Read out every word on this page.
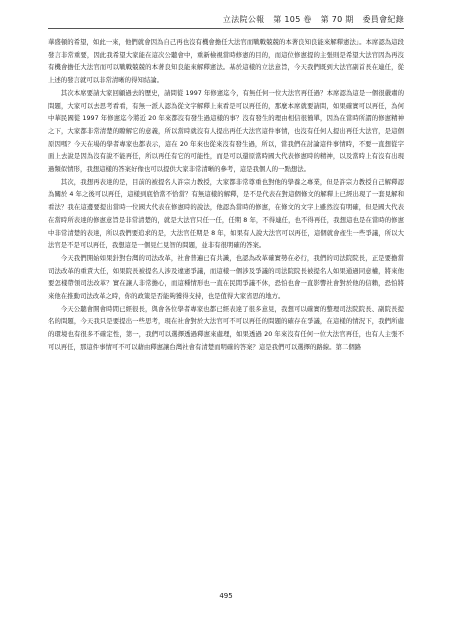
立法院公報 第 105 卷 第 70 期 委員會紀錄

華盛頓的希望，如此一來，他們就會因為自己再也沒有機會擔任大法官而戰戰兢兢的本著良知良能來解釋憲法」。本席認為這段發言非常重要，因此我希望大家能在這次公聽會中，重新檢視當時修憲的目的，而這位修憲提的主張則是希望大法官因為再沒有機會擔任大法官而可以戰戰兢兢的本著良知良能來解釋憲法。基於這樣的立法意旨，今天我們既到大法官副首長在連任，從上述的發言就可以非常清晰的得知結論。

其次本席要請大家回顧過去的歷史，請問從 1997 年修憲迄今，有無任何一位大法官再任過？本席認為這是一個很嚴肅的問題，大家可以去思考看看，有無一派人認為從文字解釋上來看是可以再任的，那麼本席就要請問，如果確實可以再任，為何中華民國從 1997 年修憲迄今將近 20 年來都沒有發生過這樣的事？沒有發生的理由相信很簡單，因為在當時所謂的修憲精神之下，大家都非常清楚的瞭解它的意義，所以當時就沒有人提出再任大法官這件事情，也沒有任何人提出再任大法官，是這個原因嗎？今天在場的學者專家也都表示，這在 20 年來也從來沒有發生過，所以，當我們在討論這件事情時，不要一直想從字面上去說是因為沒有說不能再任，所以再任有它的可能性，而是可以還原當時國大代表修憲時的精神，以及當時上有沒有出現過類似情形，我想這樣的答案好像也可以提供大家非常清晰的參考，這是我個人的一點想法。

其次，我想再表達的是，目前的被提名人許宗力教授，大家都非常尊重也對他的學養之專業，但是許宗力教授自己解釋認為關於 4 年之後可以再任，這樣到底恰當不恰當？有無這樣的解釋，是不是代表在對這個條文的解釋上已經出現了一套見解和看法？我在這邊要提出當時一位國大代表在修憲時的說法，他認為當時的修憲，在條文的文字上雖然沒有明確，但是國大代表在當時所表達的修憲意旨是非常清楚的，就是大法官只任一任，任期 8 年，不得連任，也不得再任，我想這也是在當時的修憲中非常清楚的表達，所以我們要追求的是，大法官任期是 8 年，如果有人說大法官可以再任，這個就會產生一些爭議，所以大法官是不是可以再任，我想這是一個見仁見智的問題，並非有很明確的答案。

今天我們開始如果針對台灣的司法改革，社會普遍已有共識，也認為改革確實勢在必行，我們的司法院院長，正是要擔當司法改革的重責大任，如果院長被提名人涉及違憲爭議，而這樣一個涉及爭議的司法院院長被提名人如果通過同意權，將來他要怎樣帶領司法改革？實在讓人非常擔心，而這種情形也一直在民間爭議不休，恐怕也會一直影響社會對於他的信賴，恐怕將來他在推動司法改革之時，你的政策是否能夠獲得支持，也是值得大家省思的地方。

今天公聽會開會時間已經很長，與會各位學者專家也都已經表達了很多意見，我想可以確實的整理司法院院長、副院長提名的問題，今天我只是要提出一些思考，現在社會對於大法官可不可以再任的問題的確存在爭議，在這樣的情況下，我們所處的環境也有很多不確定性，第一，我們可以選擇透過釋憲來處理，如果透過 20 年來沒有任何一位大法官再任，也有人主張不可以再任，那這件事情可不可以藉由釋憲讓台灣社會有清楚而明確的答案？這是我們可以選擇的路線。第二個路

495
